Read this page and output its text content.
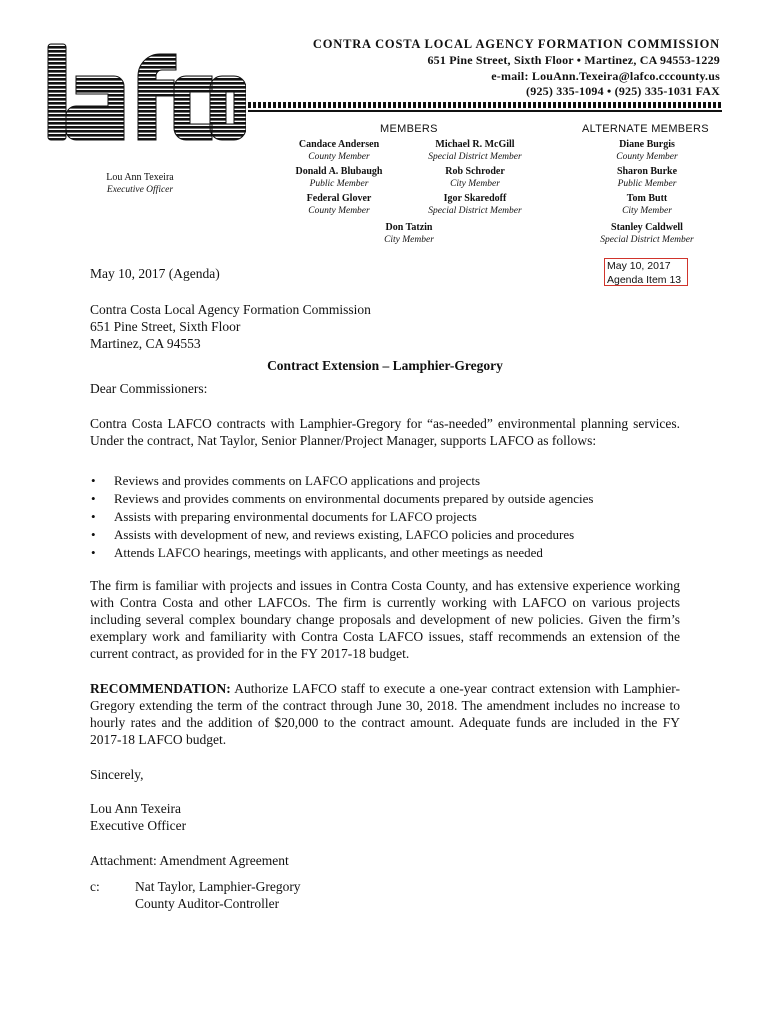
CONTRA COSTA LOCAL AGENCY FORMATION COMMISSION
651 Pine Street, Sixth Floor • Martinez, CA 94553-1229
e-mail: LouAnn.Texeira@lafco.cccounty.us
(925) 335-1094 • (925) 335-1031 FAX
MEMBERS	ALTERNATE MEMBERS
Lou Ann Texeira
Executive Officer
Candace Andersen
County Member
Donald A. Blubaugh
Public Member
Federal Glover
County Member
Michael R. McGill
Special District Member
Rob Schroder
City Member
Igor Skaredoff
Special District Member
Don Tatzin
City Member
Diane Burgis
County Member
Sharon Burke
Public Member
Tom Butt
City Member
Stanley Caldwell
Special District Member
May 10, 2017
Agenda Item 13
May 10, 2017 (Agenda)
Contra Costa Local Agency Formation Commission
651 Pine Street, Sixth Floor
Martinez, CA 94553
Contract Extension – Lamphier-Gregory
Dear Commissioners:
Contra Costa LAFCO contracts with Lamphier-Gregory for “as-needed” environmental planning services. Under the contract, Nat Taylor, Senior Planner/Project Manager, supports LAFCO as follows:
• Reviews and provides comments on LAFCO applications and projects
• Reviews and provides comments on environmental documents prepared by outside agencies
• Assists with preparing environmental documents for LAFCO projects
• Assists with development of new, and reviews existing, LAFCO policies and procedures
• Attends LAFCO hearings, meetings with applicants, and other meetings as needed
The firm is familiar with projects and issues in Contra Costa County, and has extensive experience working with Contra Costa and other LAFCOs. The firm is currently working with LAFCO on various projects including several complex boundary change proposals and development of new policies. Given the firm’s exemplary work and familiarity with Contra Costa LAFCO issues, staff recommends an extension of the current contract, as provided for in the FY 2017-18 budget.
RECOMMENDATION: Authorize LAFCO staff to execute a one-year contract extension with Lamphier-Gregory extending the term of the contract through June 30, 2018. The amendment includes no increase to hourly rates and the addition of $20,000 to the contract amount. Adequate funds are included in the FY 2017-18 LAFCO budget.
Sincerely,
Lou Ann Texeira
Executive Officer
Attachment: Amendment Agreement
c:	Nat Taylor, Lamphier-Gregory
County Auditor-Controller
